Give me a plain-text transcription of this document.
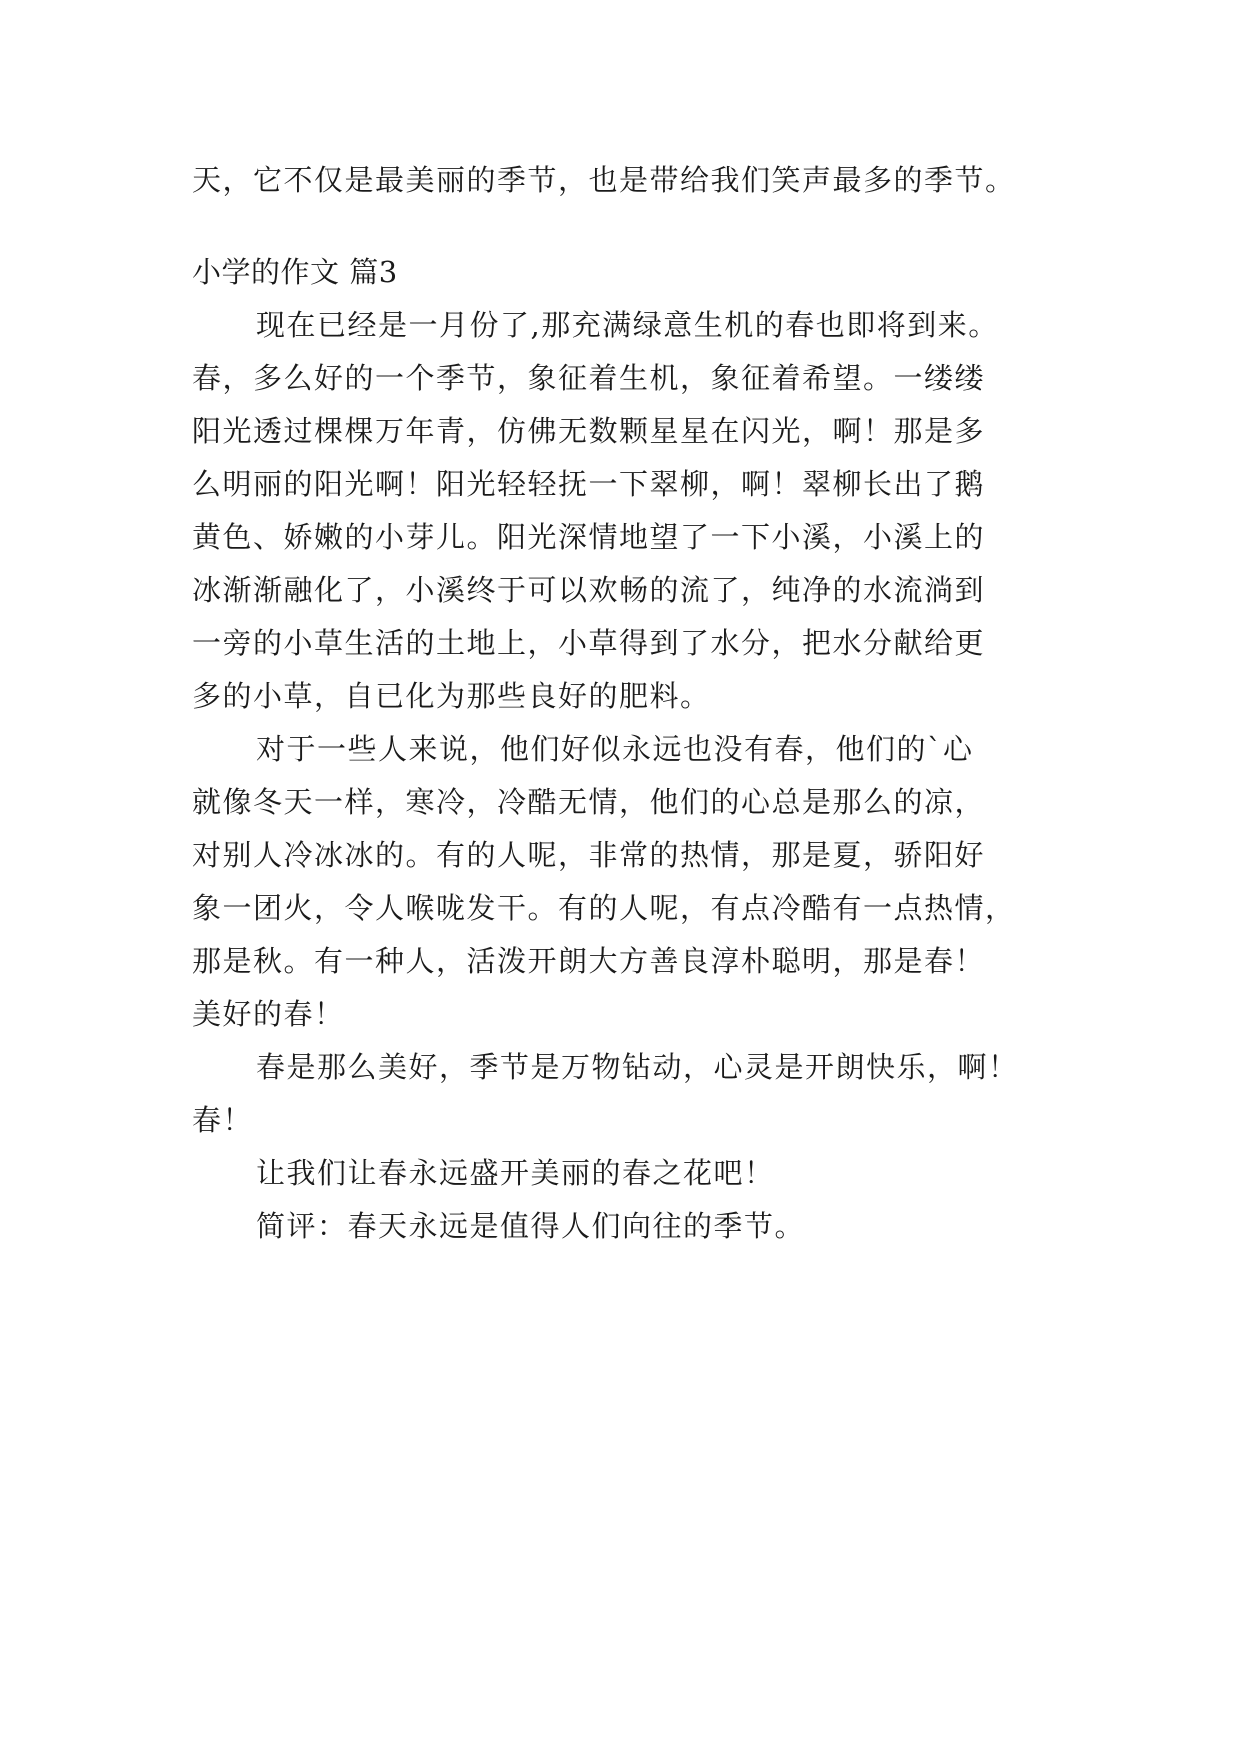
天，它不仅是最美丽的季节，也是带给我们笑声最多的季节。
小学的作文 篇3
现在已经是一月份了,那充满绿意生机的春也即将到来。
春，多么好的一个季节，象征着生机，象征着希望。一缕缕
阳光透过棵棵万年青，仿佛无数颗星星在闪光，啊！那是多
么明丽的阳光啊！阳光轻轻抚一下翠柳，啊！翠柳长出了鹅
黄色、娇嫩的小芽儿。阳光深情地望了一下小溪，小溪上的
冰渐渐融化了，小溪终于可以欢畅的流了，纯净的水流淌到
一旁的小草生活的土地上，小草得到了水分，把水分献给更
多的小草，自已化为那些良好的肥料。
对于一些人来说，他们好似永远也没有春，他们的`心
就像冬天一样，寒冷，冷酷无情，他们的心总是那么的凉，
对别人冷冰冰的。有的人呢，非常的热情，那是夏，骄阳好
象一团火，令人喉咙发干。有的人呢，有点冷酷有一点热情，
那是秋。有一种人，活泼开朗大方善良淳朴聪明，那是春！
美好的春！
春是那么美好，季节是万物钻动，心灵是开朗快乐，啊！
春！
让我们让春永远盛开美丽的春之花吧！
简评：春天永远是值得人们向往的季节。
